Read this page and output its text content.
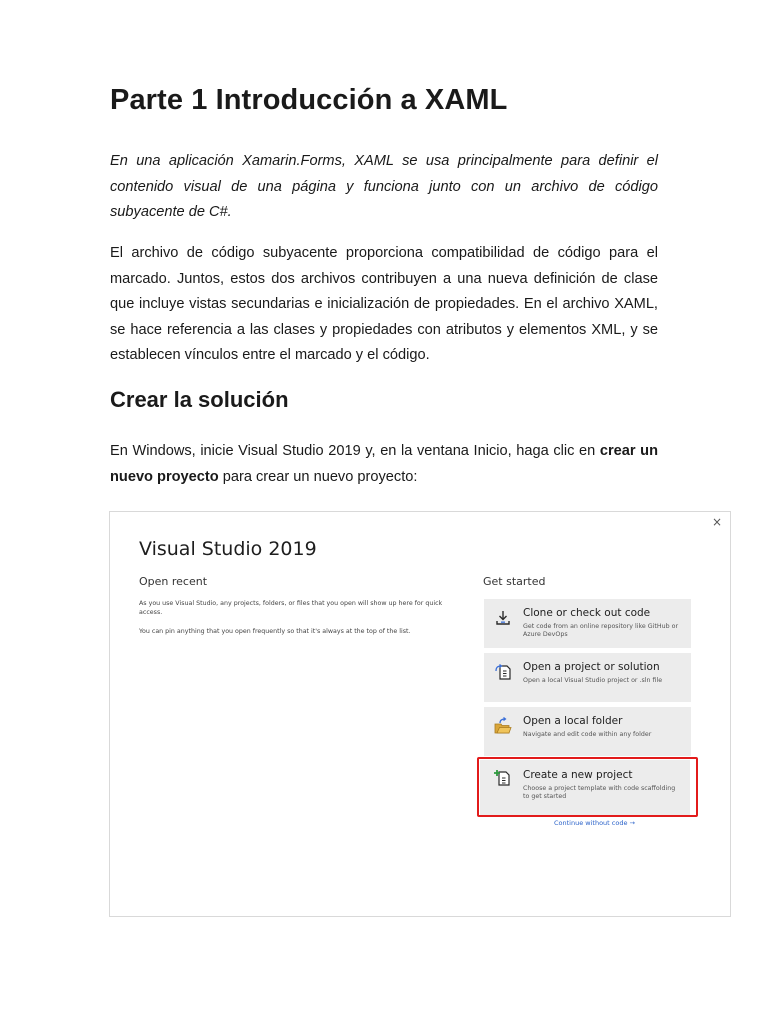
Parte 1 Introducción a XAML

En una aplicación Xamarin.Forms, XAML se usa principalmente para definir el contenido visual de una página y funciona junto con un archivo de código subyacente de C#.

El archivo de código subyacente proporciona compatibilidad de código para el marcado. Juntos, estos dos archivos contribuyen a una nueva definición de clase que incluye vistas secundarias e inicialización de propiedades. En el archivo XAML, se hace referencia a las clases y propiedades con atributos y elementos XML, y se establecen vínculos entre el marcado y el código.

Crear la solución

En Windows, inicie Visual Studio 2019 y, en la ventana Inicio, haga clic en crear un nuevo proyecto para crear un nuevo proyecto:

×
Visual Studio 2019
Open recent
As you use Visual Studio, any projects, folders, or files that you open will show up here for quick access.
You can pin anything that you open frequently so that it's always at the top of the list.
Get started
Clone or check out code
Get code from an online repository like GitHub or Azure DevOps
Open a project or solution
Open a local Visual Studio project or .sln file
Open a local folder
Navigate and edit code within any folder
Create a new project
Choose a project template with code scaffolding to get started
Continue without code →
